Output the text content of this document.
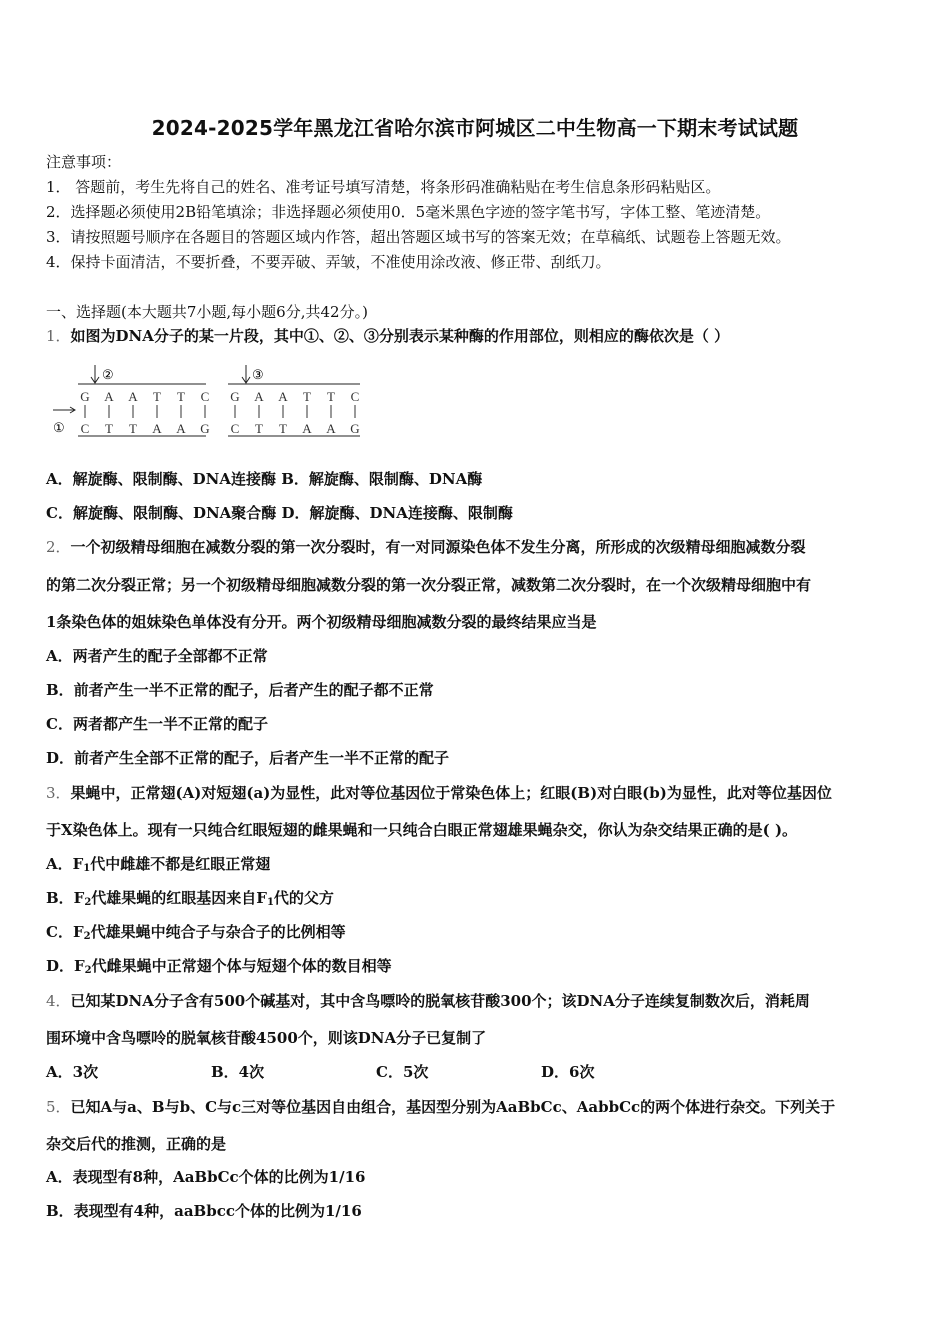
2024-2025学年黑龙江省哈尔滨市阿城区二中生物高一下期末考试试题
注意事项：
1． 答题前，考生先将自己的姓名、准考证号填写清楚，将条形码准确粘贴在考生信息条形码粘贴区。
2．选择题必须使用2B铅笔填涂；非选择题必须使用0．5毫米黑色字迹的签字笔书写，字体工整、笔迹清楚。
3．请按照题号顺序在各题目的答题区域内作答，超出答题区域书写的答案无效；在草稿纸、试题卷上答题无效。
4．保持卡面清洁，不要折叠，不要弄破、弄皱，不准使用涂改液、修正带、刮纸刀。
一、选择题(本大题共7小题,每小题6分,共42分。)
1．如图为DNA分子的某一片段，其中①、②、③分别表示某种酶的作用部位，则相应的酶依次是（ ）
②
G A A T T C
C T T A A G
①
③
G A A T T C
C T T A A G
A．解旋酶、限制酶、DNA连接酶 B．解旋酶、限制酶、DNA酶
C．解旋酶、限制酶、DNA聚合酶 D．解旋酶、DNA连接酶、限制酶
2．一个初级精母细胞在减数分裂的第一次分裂时，有一对同源染色体不发生分离，所形成的次级精母细胞减数分裂
的第二次分裂正常；另一个初级精母细胞减数分裂的第一次分裂正常，减数第二次分裂时，在一个次级精母细胞中有
1条染色体的姐妹染色单体没有分开。两个初级精母细胞减数分裂的最终结果应当是
A．两者产生的配子全部都不正常
B．前者产生一半不正常的配子，后者产生的配子都不正常
C．两者都产生一半不正常的配子
D．前者产生全部不正常的配子，后者产生一半不正常的配子
3．果蝇中，正常翅(A)对短翅(a)为显性，此对等位基因位于常染色体上；红眼(B)对白眼(b)为显性，此对等位基因位
于X染色体上。现有一只纯合红眼短翅的雌果蝇和一只纯合白眼正常翅雄果蝇杂交，你认为杂交结果正确的是( )。
A．$F_1$代中雌雄不都是红眼正常翅
B．$F_2$代雄果蝇的红眼基因来自$F_1$代的父方
C．$F_2$代雄果蝇中纯合子与杂合子的比例相等
D．$F_2$代雌果蝇中正常翅个体与短翅个体的数目相等
4．已知某DNA分子含有500个碱基对，其中含鸟嘌呤的脱氧核苷酸300个；该DNA分子连续复制数次后，消耗周
围环境中含鸟嘌呤的脱氧核苷酸4500个，则该DNA分子已复制了
A．3次	B．4次	C．5次	D．6次
5．已知A与a、B与b、C与c三对等位基因自由组合，基因型分别为AaBbCc、AabbCc的两个体进行杂交。下列关于
杂交后代的推测，正确的是
A．表现型有8种，AaBbCc个体的比例为1/16
B．表现型有4种，aaBbcc个体的比例为1/16
